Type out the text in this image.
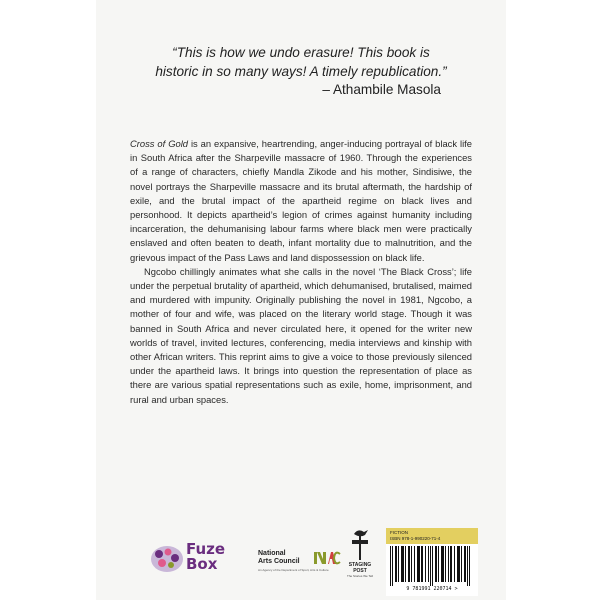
“This is how we undo erasure! This book is
historic in so many ways! A timely republication.”
– Athambile Masola

Cross of Gold is an expansive, heartrending, anger-inducing portrayal of black life in South Africa after the Sharpeville massacre of 1960. Through the experiences of a range of characters, chiefly Mandla Zikode and his mother, Sindisiwe, the novel portrays the Sharpeville massacre and its brutal aftermath, the hardship of exile, and the brutal impact of the apartheid regime on black lives and personhood. It depicts apartheid’s legion of crimes against humanity including incarceration, the dehumanising labour farms where black men were practically enslaved and often beaten to death, infant mortality due to malnutrition, and the grievous impact of the Pass Laws and land dispossession on black life.

Ngcobo chillingly animates what she calls in the novel ‘The Black Cross’; life under the perpetual brutality of apartheid, which dehumanised, brutalised, maimed and murdered with impunity. Originally publishing the novel in 1981, Ngcobo, a mother of four and wife, was placed on the literary world stage. Though it was banned in South Africa and never circulated here, it opened for the writer new worlds of travel, invited lectures, conferencing, media interviews and kinship with other African writers. This reprint aims to give a voice to those previously silenced under the apartheid laws. It brings into question the representation of place as there are various spatial representations such as exile, home, imprisonment, and rural and urban spaces.

Fuze
Box
National
Arts Council
An Agency of the Department of Sport, Arts & Culture
STAGING POST
The Stories We Tell
FICTION
ISBN 978-1-990220-71-4
9 781991 220714 >
